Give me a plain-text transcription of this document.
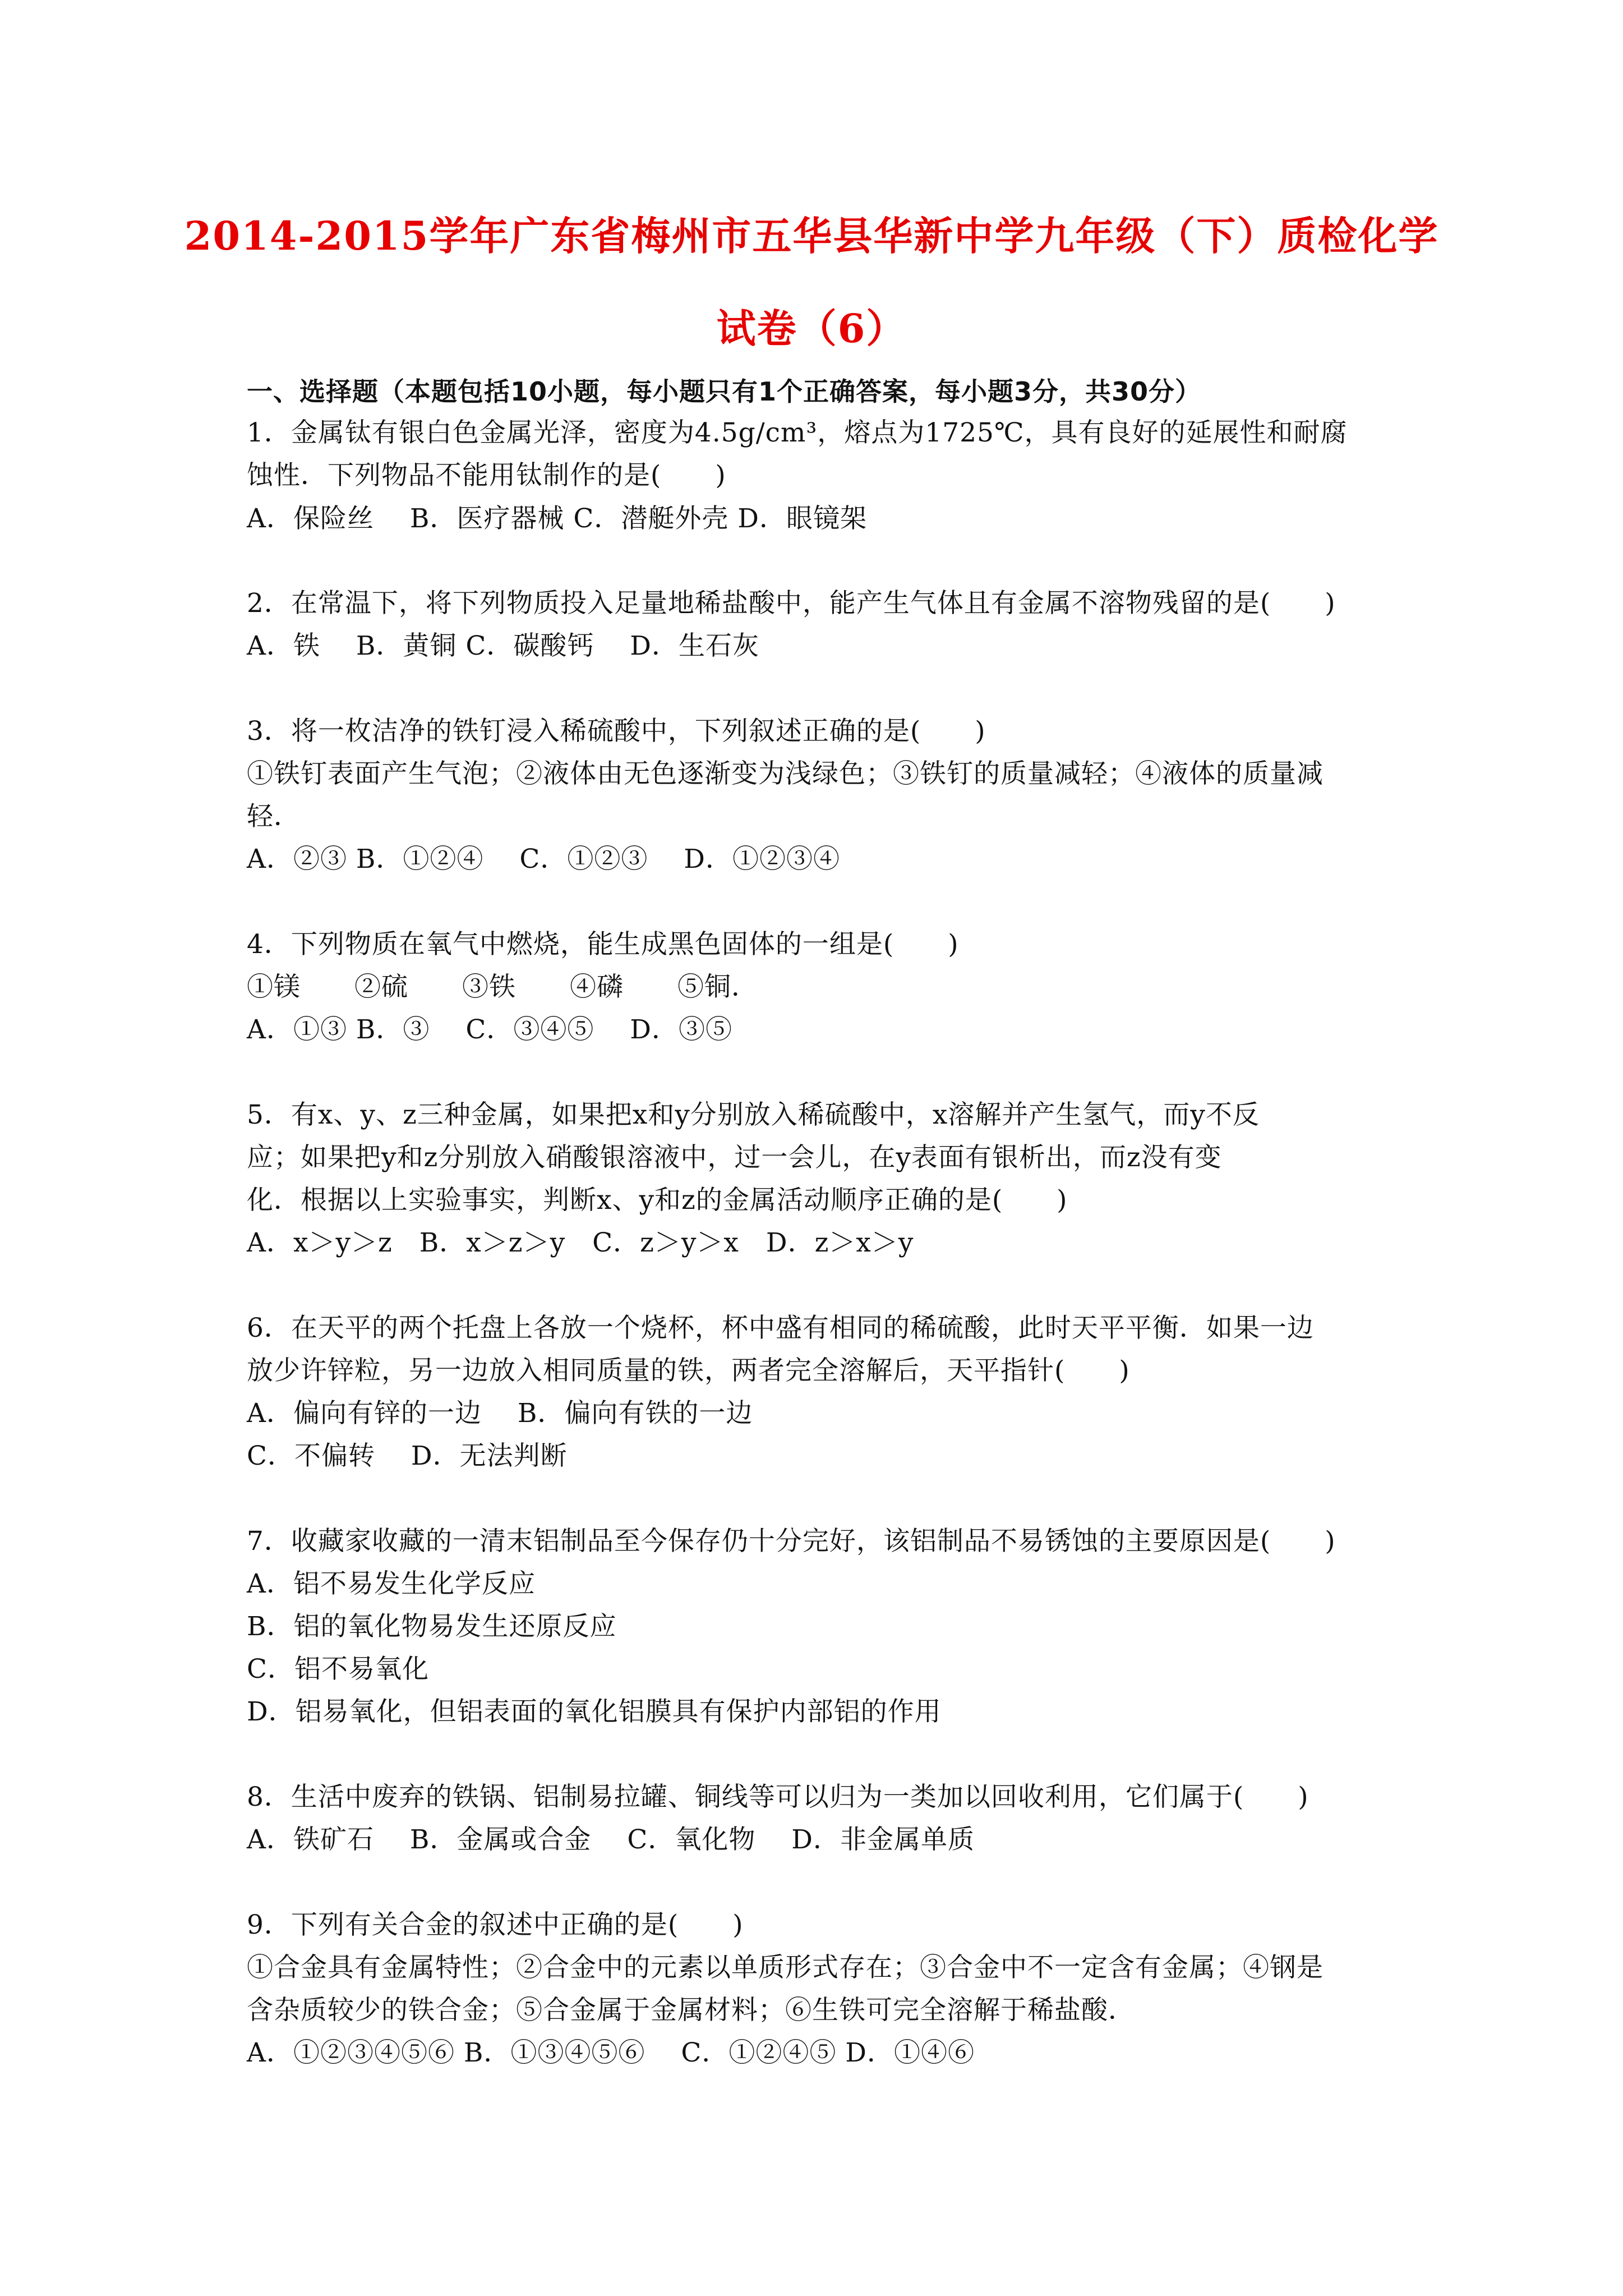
2014-2015学年广东省梅州市五华县华新中学九年级（下）质检化学
试卷（6）
一、选择题（本题包括10小题，每小题只有1个正确答案，每小题3分，共30分）
1．金属钛有银白色金属光泽，密度为4.5g/cm³，熔点为1725℃，具有良好的延展性和耐腐
蚀性．下列物品不能用钛制作的是(　　)
A．保险丝　 B．医疗器械 C．潜艇外壳 D．眼镜架
2．在常温下，将下列物质投入足量地稀盐酸中，能产生气体且有金属不溶物残留的是(　　)
A．铁　 B．黄铜 C．碳酸钙　 D．生石灰
3．将一枚洁净的铁钉浸入稀硫酸中，下列叙述正确的是(　　)
①铁钉表面产生气泡；②液体由无色逐渐变为浅绿色；③铁钉的质量减轻；④液体的质量减
轻．
A．②③ B．①②④　 C．①②③　 D．①②③④
4．下列物质在氧气中燃烧，能生成黑色固体的一组是(　　)
①镁　　②硫　　③铁　　④磷　　⑤铜．
A．①③ B．③　 C．③④⑤　 D．③⑤
5．有x、y、z三种金属，如果把x和y分别放入稀硫酸中，x溶解并产生氢气，而y不反
应；如果把y和z分别放入硝酸银溶液中，过一会儿，在y表面有银析出，而z没有变
化．根据以上实验事实，判断x、y和z的金属活动顺序正确的是(　　)
A．x＞y＞z　B．x＞z＞y　C．z＞y＞x　D．z＞x＞y
6．在天平的两个托盘上各放一个烧杯，杯中盛有相同的稀硫酸，此时天平平衡．如果一边
放少许锌粒，另一边放入相同质量的铁，两者完全溶解后，天平指针(　　)
A．偏向有锌的一边　 B．偏向有铁的一边
C．不偏转　 D．无法判断
7．收藏家收藏的一清末铝制品至今保存仍十分完好，该铝制品不易锈蚀的主要原因是(　　)
A．铝不易发生化学反应
B．铝的氧化物易发生还原反应
C．铝不易氧化
D．铝易氧化，但铝表面的氧化铝膜具有保护内部铝的作用
8．生活中废弃的铁锅、铝制易拉罐、铜线等可以归为一类加以回收利用，它们属于(　　)
A．铁矿石　 B．金属或合金　 C．氧化物　 D．非金属单质
9．下列有关合金的叙述中正确的是(　　)
①合金具有金属特性；②合金中的元素以单质形式存在；③合金中不一定含有金属；④钢是
含杂质较少的铁合金；⑤合金属于金属材料；⑥生铁可完全溶解于稀盐酸．
A．①②③④⑤⑥ B．①③④⑤⑥　 C．①②④⑤ D．①④⑥
